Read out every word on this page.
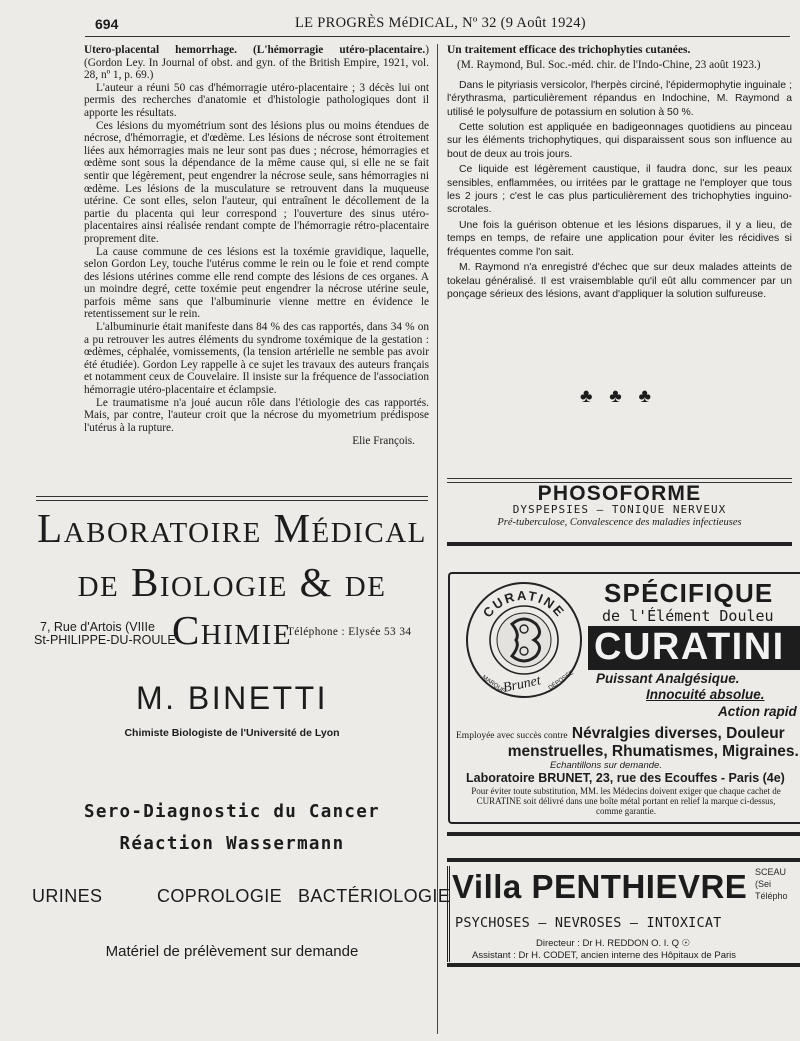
694	LE PROGRÈS MéDICAL, Nº 32 (9 Août 1924)

Utero-placental hemorrhage. (L'hémorragie utéro-placentaire.) (Gordon Ley. In Journal of obst. and gyn. of the British Empire, 1921, vol. 28, nº 1, p. 69.)

L'auteur a réuni 50 cas d'hémorragie utéro-placentaire ; 3 décès lui ont permis des recherches d'anatomie et d'histologie pathologiques dont il apporte les résultats.

Ces lésions du myométrium sont des lésions plus ou moins étendues de nécrose, d'hémorragie, et d'œdème. Les lésions de nécrose sont étroitement liées aux hémorragies mais ne leur sont pas dues ; nécrose, hémorragies et œdème sont sous la dépendance de la même cause qui, si elle ne se fait sentir que légèrement, peut engendrer la nécrose seule, sans hémorragies ni œdème. Les lésions de la musculature se retrouvent dans la muqueuse utérine. Ce sont elles, selon l'auteur, qui entraînent le décollement de la partie du placenta qui leur correspond ; l'ouverture des sinus utéro-placentaires ainsi réalisée rendant compte de l'hémorragie rétro-placentaire proprement dite.

La cause commune de ces lésions est la toxémie gravidique, laquelle, selon Gordon Ley, touche l'utérus comme le rein ou le foie et rend compte des lésions utérines comme elle rend compte des lésions de ces organes. A un moindre degré, cette toxémie peut engendrer la nécrose utérine seule, parfois même sans que l'albuminurie vienne mettre en évidence le retentissement sur le rein.

L'albuminurie était manifeste dans 84 % des cas rapportés, dans 34 % on a pu retrouver les autres éléments du syndrome toxémique de la gestation : œdèmes, céphalée, vomissements, (la tension artérielle ne semble pas avoir été étudiée). Gordon Ley rappelle à ce sujet les travaux des auteurs français et notamment ceux de Couvelaire. Il insiste sur la fréquence de l'association hémorragie utéro-placentaire et éclampsie.

Le traumatisme n'a joué aucun rôle dans l'étiologie des cas rapportés. Mais, par contre, l'auteur croit que la nécrose du myometrium prédispose l'utérus à la rupture.

Elie François.

Un traitement efficace des trichophyties cutanées.

(M. Raymond, Bul. Soc.-méd. chir. de l'Indo-Chine, 23 août 1923.)

Dans le pityriasis versicolor, l'herpès circiné, l'épidermophytie inguinale ; l'érythrasma, particulièrement répandus en Indochine, M. Raymond a utilisé le polysulfure de potassium en solution à 50 %.

Cette solution est appliquée en badigeonnages quotidiens au pinceau sur les éléments trichophytiques, qui disparaissent sous son influence au bout de deux au trois jours.

Ce liquide est légèrement caustique, il faudra donc, sur les peaux sensibles, enflammées, ou irritées par le grattage ne l'employer que tous les 2 jours ; c'est le cas plus particulièrement des trichophyties inguino-scrotales.

Une fois la guérison obtenue et les lésions disparues, il y a lieu, de temps en temps, de refaire une application pour éviter les récidives si fréquentes comme l'on sait.

M. Raymond n'a enregistré d'échec que sur deux malades atteints de tokelau généralisé. Il est vraisemblable qu'il eût allu commencer par un ponçage sérieux des lésions, avant d'appliquer la solution sulfureuse.

♣ ♣ ♣
Laboratoire Médical
de Biologie & de Chimie
7, Rue d'Artois (VIIIe
St-PHILIPPE-DU-ROULE
Téléphone : Elysée 53 34
M. BINETTI
Chimiste Biologiste de l'Université de Lyon
Sero-Diagnostic du Cancer
Réaction Wassermann
URINES	COPROLOGIE BACTÉRIOLOGIE
Matériel de prélèvement sur demande
PHOSOFORME
DYSPEPSIES — TONIQUE NERVEUX
Pré-tuberculose, Convalescence des maladies infectieuses
CURATINE
MARQUE	DÉPOSÉE
Brunet
SPÉCIFIQUE
de l'Élément Douleu
CURATINI
Puissant Analgésique.
Innocuité absolue.
Action rapid
Employée avec succès contre Névralgies diverses, Douleur
menstruelles, Rhumatismes, Migraines.
Echantillons sur demande.
Laboratoire BRUNET, 23, rue des Ecouffes - Paris (4e)
Pour éviter toute substitution, MM. les Médecins doivent exiger que chaque cachet de CURATINE soit délivré dans une boîte métal portant en relief la marque ci-dessus, comme garantie.
Villa PENTHIEVRE SCEAU (Sei Télépho
PSYCHOSES — NEVROSES — INTOXICAT
Directeur : Dr H. REDDON O. I. Q ☉
Assistant : Dr H. CODET, ancien interne des Hôpitaux de Paris
